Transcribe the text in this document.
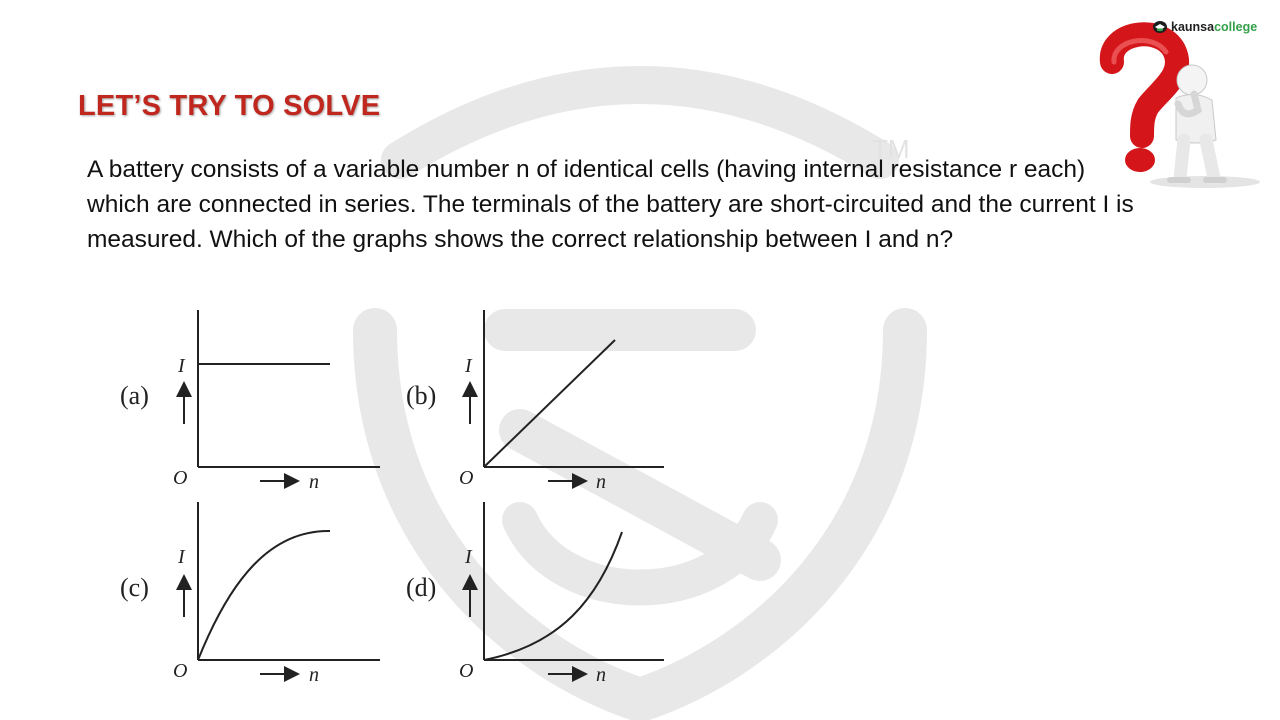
TM
kaunsacollege
LET’S TRY TO SOLVE

A battery consists of a variable number n of identical cells (having internal resistance r each) which are connected in series. The terminals of the battery are short-circuited and the current I is measured. Which of the graphs shows the correct relationship between I and n?

(a)
I
O	n
(b)
I
O	n
(c)
I
O	n
(d)
I
O	n
